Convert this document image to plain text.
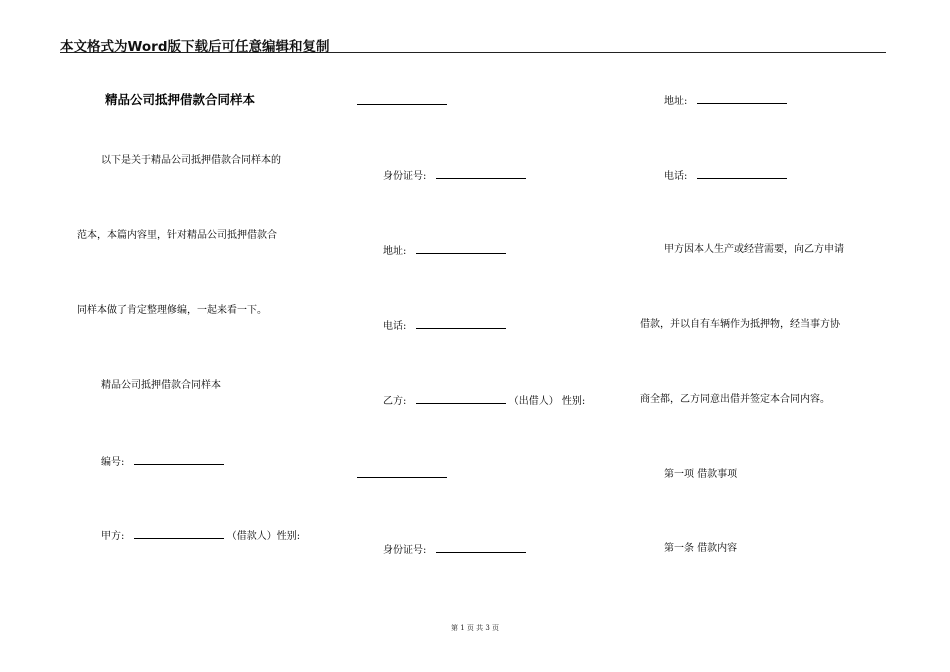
本文格式为Word版下载后可任意编辑和复制
精品公司抵押借款合同样本
以下是关于精品公司抵押借款合同样本的
范本，本篇内容里，针对精品公司抵押借款合
同样本做了肯定整理修编，一起来看一下。
精品公司抵押借款合同样本
编号:
甲方:	（借款人）性别:
身份证号:
地址:
电话:
乙方:	（出借人） 性别:
身份证号:
地址:
电话:
甲方因本人生产或经营需要，向乙方申请
借款，并以自有车辆作为抵押物，经当事方协
商全都，乙方同意出借并签定本合同内容。
第一项 借款事项
第一条 借款内容
第 1 页 共 3 页
